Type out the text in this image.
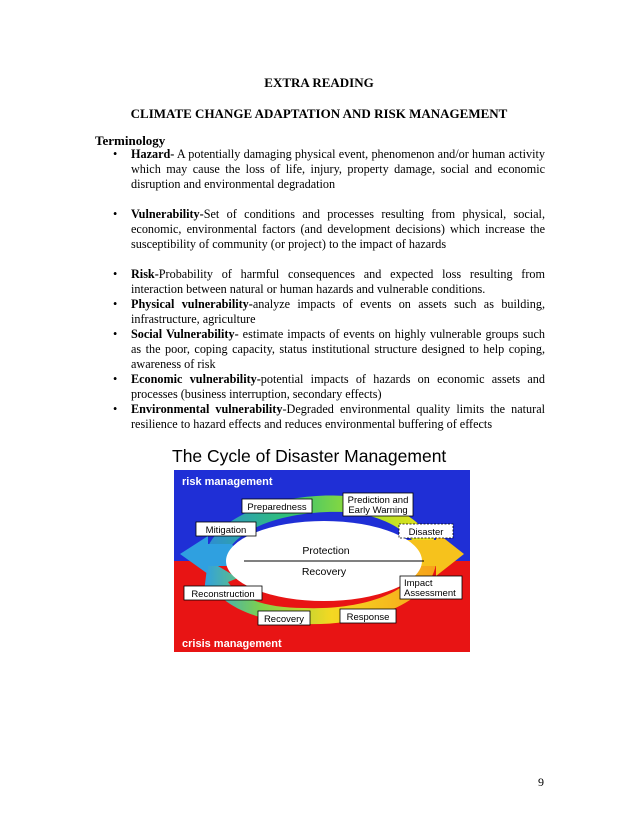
EXTRA READING
CLIMATE CHANGE ADAPTATION AND RISK MANAGEMENT
Terminology
• Hazard- A potentially damaging physical event, phenomenon and/or human activity which may cause the loss of life, injury, property damage, social and economic disruption and environmental degradation
• Vulnerability-Set of conditions and processes resulting from physical, social, economic, environmental factors (and development decisions) which increase the susceptibility of community (or project) to the impact of hazards
• Risk-Probability of harmful consequences and expected loss resulting from interaction between natural or human hazards and vulnerable conditions.
• Physical vulnerability-analyze impacts of events on assets such as building, infrastructure, agriculture
• Social Vulnerability- estimate impacts of events on highly vulnerable groups such as the poor, coping capacity, status institutional structure designed to help coping, awareness of risk
• Economic vulnerability-potential impacts of hazards on economic assets and processes (business interruption, secondary effects)
• Environmental vulnerability-Degraded environmental quality limits the natural resilience to hazard effects and reduces environmental buffering of effects
The Cycle of Disaster Management
risk management
crisis management
Preparedness
Prediction and
Early Warning
Mitigation	Disaster
Protection
Recovery
Impact
Assessment
Reconstruction
Recovery	Response
9
